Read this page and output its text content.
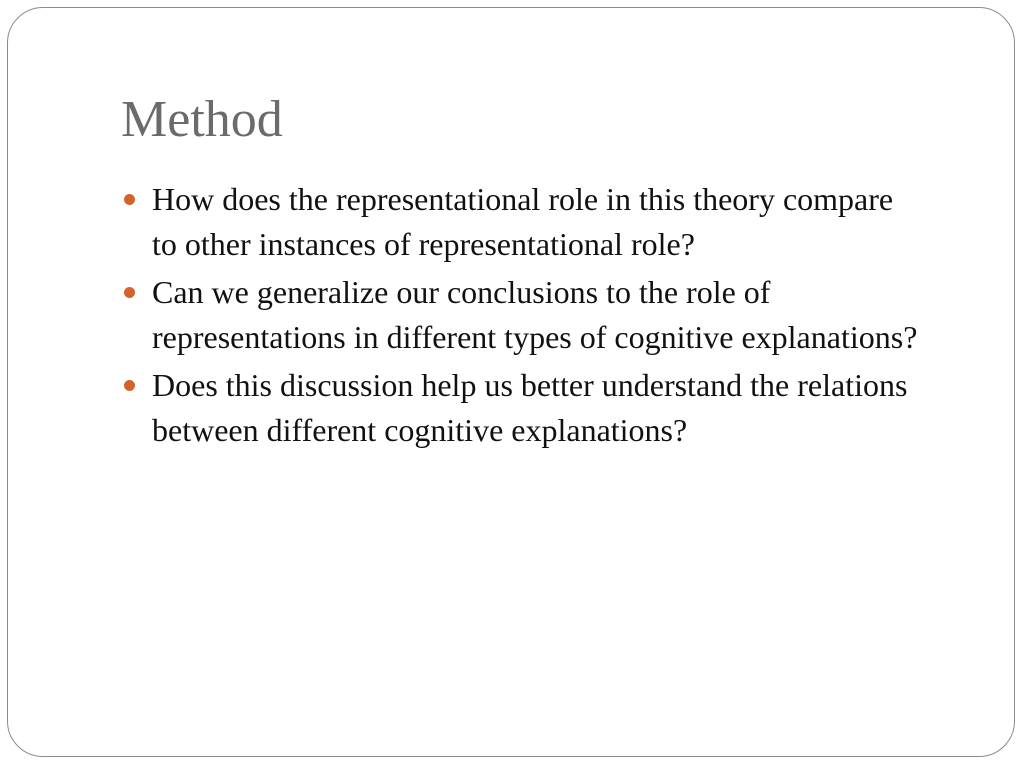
Method
How does the representational role in this theory compare to other instances of representational role?
Can we generalize our conclusions to the role of representations in different types of cognitive explanations?
Does this discussion help us better understand the relations between different cognitive explanations?
